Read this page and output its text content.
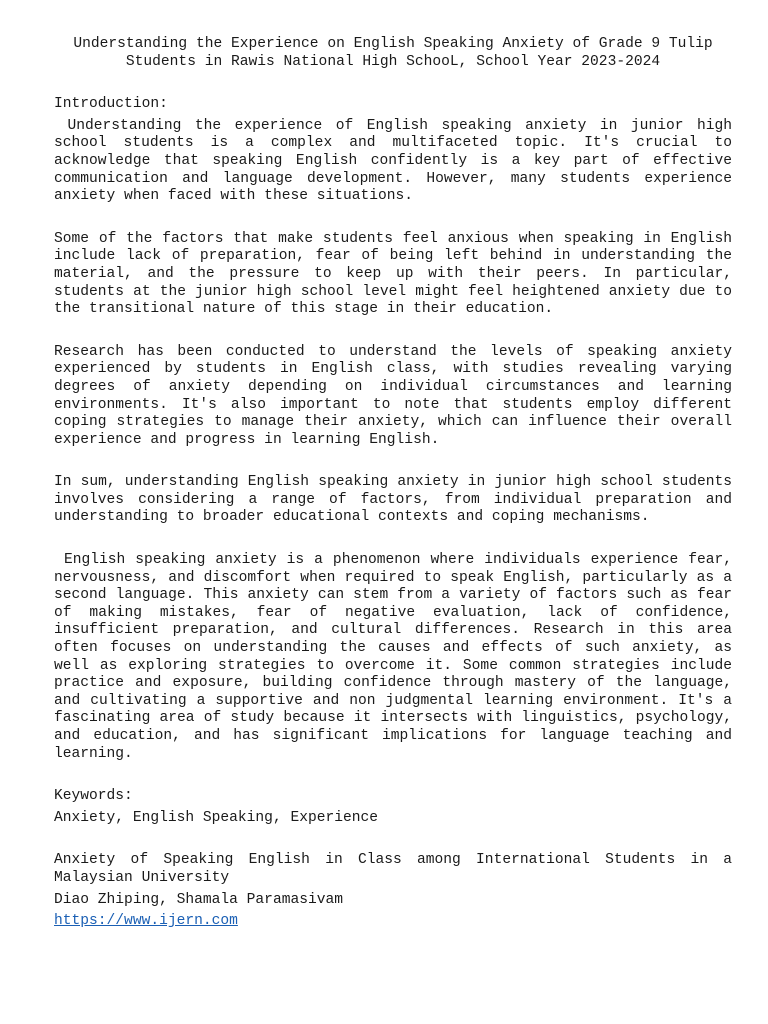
Understanding the Experience on English Speaking Anxiety of Grade 9 Tulip
Students in Rawis National High SchooL, School Year 2023-2024

Introduction:

Understanding the experience of English speaking anxiety in junior high school students is a complex and multifaceted topic. It's crucial to acknowledge that speaking English confidently is a key part of effective communication and language development. However, many students experience anxiety when faced with these situations.

Some of the factors that make students feel anxious when speaking in English include lack of preparation, fear of being left behind in understanding the material, and the pressure to keep up with their peers. In particular, students at the junior high school level might feel heightened anxiety due to the transitional nature of this stage in their education.

Research has been conducted to understand the levels of speaking anxiety experienced by students in English class, with studies revealing varying degrees of anxiety depending on individual circumstances and learning environments. It's also important to note that students employ different coping strategies to manage their anxiety, which can influence their overall experience and progress in learning English.

In sum, understanding English speaking anxiety in junior high school students involves considering a range of factors, from individual preparation and understanding to broader educational contexts and coping mechanisms.

English speaking anxiety is a phenomenon where individuals experience fear, nervousness, and discomfort when required to speak English, particularly as a second language. This anxiety can stem from a variety of factors such as fear of making mistakes, fear of negative evaluation, lack of confidence, insufficient preparation, and cultural differences. Research in this area often focuses on understanding the causes and effects of such anxiety, as well as exploring strategies to overcome it. Some common strategies include practice and exposure, building confidence through mastery of the language, and cultivating a supportive and non judgmental learning environment. It's a fascinating area of study because it intersects with linguistics, psychology, and education, and has significant implications for language teaching and learning.

Keywords:

Anxiety, English Speaking, Experience

Anxiety of Speaking English in Class among International Students in a Malaysian University

Diao Zhiping, Shamala Paramasivam

https://www.ijern.com
